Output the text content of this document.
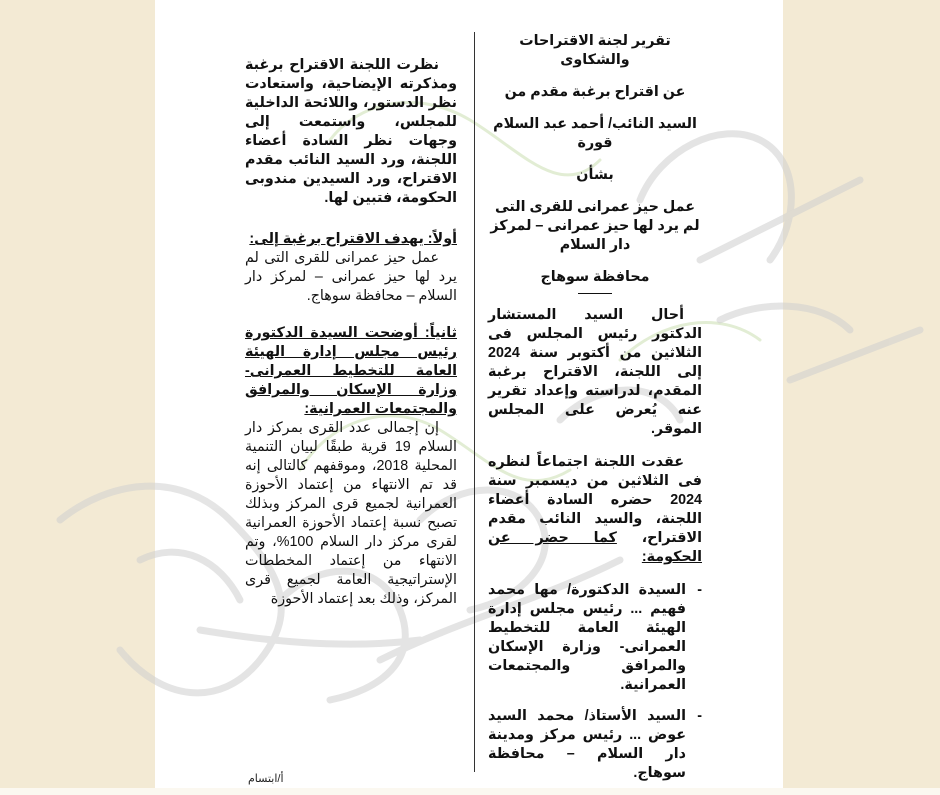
تقرير لجنة الاقتراحات والشكاوى

عن اقتراح برغبة مقدم من

السيد النائب/ أحمد عبد السلام قورة

بشأن

عمل حيز عمرانى للقرى التى لم يرد لها حيز عمرانى – لمركز دار السلام

محافظة سوهاج

أحال السيد المستشار الدكتور رئيس المجلس فى الثلاثين من أكتوبر سنة 2024 إلى اللجنة، الاقتراح برغبة المقدم، لدراسته وإعداد تقرير عنه يُعرض على المجلس الموقر.

عقدت اللجنة اجتماعاً لنظره فى الثلاثين من ديسمبر سنة 2024 حضره السادة أعضاء اللجنة، والسيد النائب مقدم الاقتراح، كما حضر عن الحكومة:

-
السيدة الدكتورة/ مها محمد فهيم ... رئيس مجلس إدارة الهيئة العامة للتخطيط العمرانى- وزارة الإسكان والمرافق والمجتمعات العمرانية.
-
السيد الأستاذ/ محمد السيد عوض ... رئيس مركز ومدينة دار السلام – محافظة سوهاج.

نظرت اللجنة الاقتراح برغبة ومذكرته الإيضاحية، واستعادت نظر الدستور، واللائحة الداخلية للمجلس، واستمعت إلى وجهات نظر السادة أعضاء اللجنة، ورد السيد النائب مقدم الاقتراح، ورد السيدين مندوبى الحكومة، فتبين لها.

أولاً: يهدف الاقتراح برغبة إلى:

عمل حيز عمرانى للقرى التى لم يرد لها حيز عمرانى – لمركز دار السلام – محافظة سوهاج.

ثانياً: أوضحت السيدة الدكتورة رئيس مجلس إدارة الهيئة العامة للتخطيط العمرانى- وزارة الإسكان والمرافق والمجتمعات العمرانية:

إن إجمالى عدد القرى بمركز دار السلام 19 قرية طبقًا لبيان التنمية المحلية 2018، وموقفهم كالتالى إنه قد تم الانتهاء من إعتماد الأحوزة العمرانية لجميع قرى المركز وبذلك تصبح نسبة إعتماد الأحوزة العمرانية لقرى مركز دار السلام 100%، وتم الانتهاء من إعتماد المخططات الإستراتيجية العامة لجميع قرى المركز، وذلك بعد إعتماد الأحوزة

أ/ابتسام
